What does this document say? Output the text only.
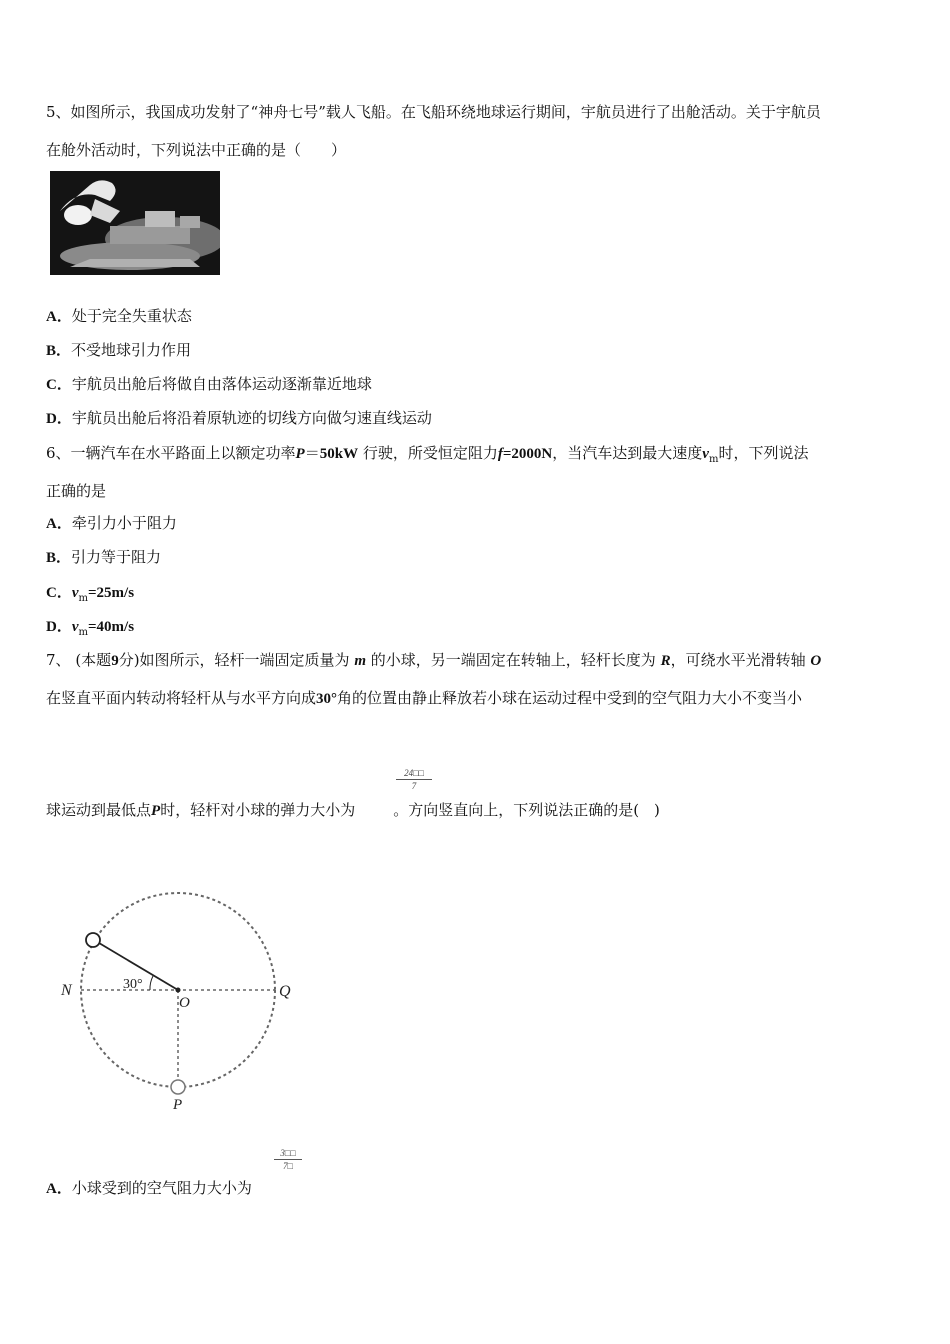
5、如图所示，我国成功发射了“神舟七号”载人飞船。在飞船环绕地球运行期间，宇航员进行了出舱活动。关于宇航员
在舱外活动时，下列说法中正确的是（　　）
A．处于完全失重状态
B．不受地球引力作用
C．宇航员出舱后将做自由落体运动逐渐靠近地球
D．宇航员出舱后将沿着原轨迹的切线方向做匀速直线运动
6、一辆汽车在水平路面上以额定功率P＝50kW 行驶，所受恒定阻力f=2000N，当汽车达到最大速度$v_m$时，下列说法
正确的是
A．牵引力小于阻力
B．引力等于阻力
C．$v_m=25m/s$
D．$v_m=40m/s$
7、 (本题9分)如图所示，轻杆一端固定质量为 m 的小球，另一端固定在转轴上，轻杆长度为 R，可绕水平光滑转轴 O
在竖直平面内转动将轻杆从与水平方向成30°角的位置由静止释放若小球在运动过程中受到的空气阻力大小不变当小
24□□
7
球运动到最低点P时，轻杆对小球的弹力大小为	。方向竖直向上，下列说法正确的是(　)
N	Q
O
P
30°
3□□
7□
A．小球受到的空气阻力大小为
